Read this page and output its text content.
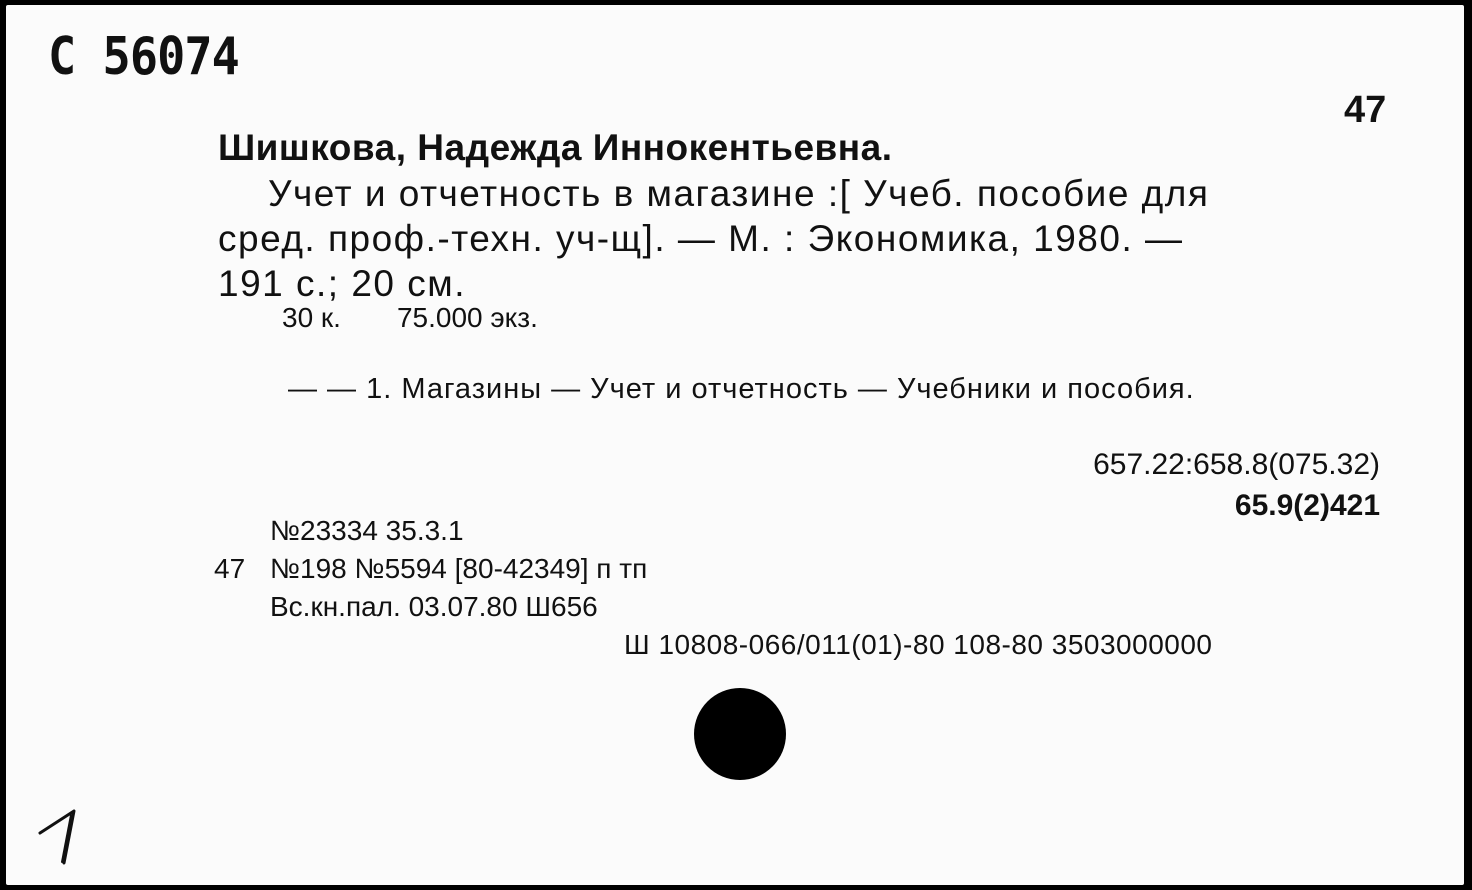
C 56074
47
Шишкова, Надежда Иннокентьевна.
Учет и отчетность в магазине :[ Учеб. пособие для
сред. проф.-техн. уч-щ]. — М. : Экономика, 1980. —
191 с.; 20 см.
30 к. 75.000 экз.
— — 1. Магазины — Учет и отчетность — Учебники и пособия.
657.22:658.8(075.32)
65.9(2)421
№23334 35.3.1
47 №198 №5594 [80-42349] п тп
Вс.кн.пал. 03.07.80 Ш656
Ш 10808-066/011(01)-80 108-80 3503000000
